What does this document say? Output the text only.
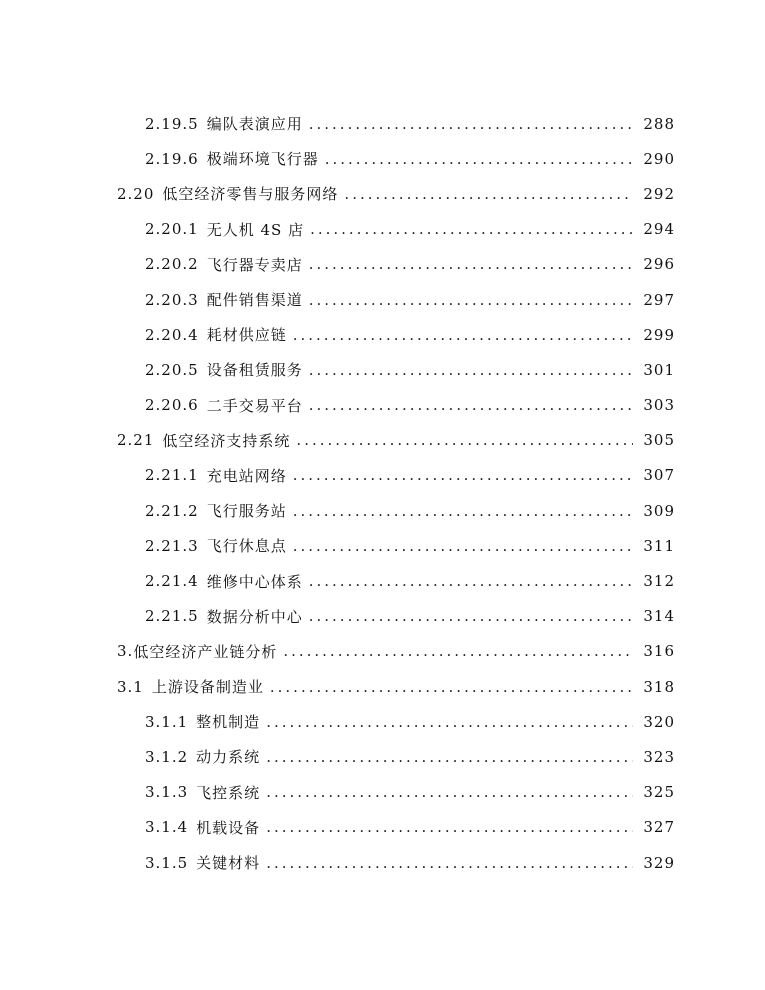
2.19.5 编队表演应用 .....	288
2.19.6 极端环境飞行器 .....	290
2.20 低空经济零售与服务网络 .....	292
2.20.1 无人机 4S 店 .....	294
2.20.2 飞行器专卖店 .....	296
2.20.3 配件销售渠道 .....	297
2.20.4 耗材供应链 .....	299
2.20.5 设备租赁服务 .....	301
2.20.6 二手交易平台 .....	303
2.21 低空经济支持系统 .....	305
2.21.1 充电站网络 .....	307
2.21.2 飞行服务站 .....	309
2.21.3 飞行休息点 .....	311
2.21.4 维修中心体系 .....	312
2.21.5 数据分析中心 .....	314
3. 低空经济产业链分析 .....	316
3.1 上游设备制造业 .....	318
3.1.1 整机制造 .....	320
3.1.2 动力系统 .....	323
3.1.3 飞控系统 .....	325
3.1.4 机载设备 .....	327
3.1.5 关键材料 .....	329
